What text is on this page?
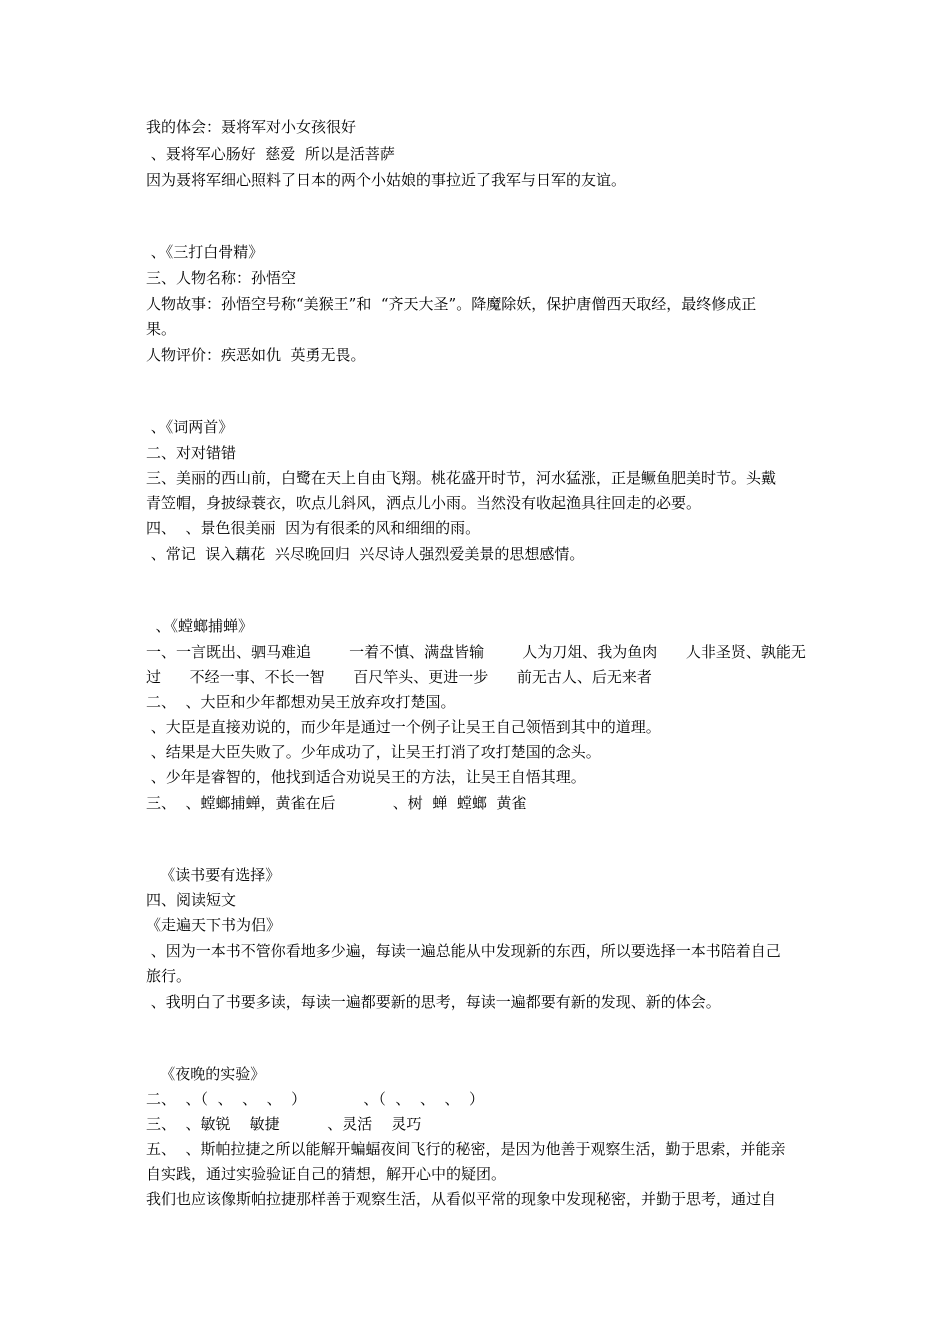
我的体会：聂将军对小女孩很好
、聂将军心肠好  慈爱  所以是活菩萨
因为聂将军细心照料了日本的两个小姑娘的事拉近了我军与日军的友谊。
、《三打白骨精》
三、人物名称：孙悟空
人物故事：孙悟空号称“美猴王”和  “齐天大圣”。降魔除妖，保护唐僧西天取经，最终修成正
果。
人物评价：疾恶如仇  英勇无畏。
、《词两首》
二、对对错错
三、美丽的西山前，白鹭在天上自由飞翔。桃花盛开时节，河水猛涨，正是鳜鱼肥美时节。头戴
青笠帽，身披绿蓑衣，吹点儿斜风，洒点儿小雨。当然没有收起渔具往回走的必要。
四、  、景色很美丽  因为有很柔的风和细细的雨。
、常记  误入藕花  兴尽晚回归  兴尽诗人强烈爱美景的思想感情。
、《螳螂捕蝉》
一、一言既出、驷马难追        一着不慎、满盘皆输        人为刀俎、我为鱼肉      人非圣贤、孰能无
过      不经一事、不长一智      百尺竿头、更进一步      前无古人、后无来者
二、  、大臣和少年都想劝吴王放弃攻打楚国。
、大臣是直接劝说的，而少年是通过一个例子让吴王自己领悟到其中的道理。
、结果是大臣失败了。少年成功了，让吴王打消了攻打楚国的念头。
、少年是睿智的，他找到适合劝说吴王的方法，让吴王自悟其理。
三、  、螳螂捕蝉，黄雀在后            、树  蝉  螳螂  黄雀
《读书要有选择》
四、阅读短文
《走遍天下书为侣》
、因为一本书不管你看地多少遍，每读一遍总能从中发现新的东西，所以要选择一本书陪着自己
旅行。
、我明白了书要多读，每读一遍都要新的思考，每读一遍都要有新的发现、新的体会。
《夜晚的实验》
二、  、（  、  、  、  ）            、（  、  、  、  ）
三、  、敏锐    敏捷          、灵活    灵巧
五、  、斯帕拉捷之所以能解开蝙蝠夜间飞行的秘密，是因为他善于观察生活，勤于思索，并能亲
自实践，通过实验验证自己的猜想，解开心中的疑团。
我们也应该像斯帕拉捷那样善于观察生活，从看似平常的现象中发现秘密，并勤于思考，通过自
